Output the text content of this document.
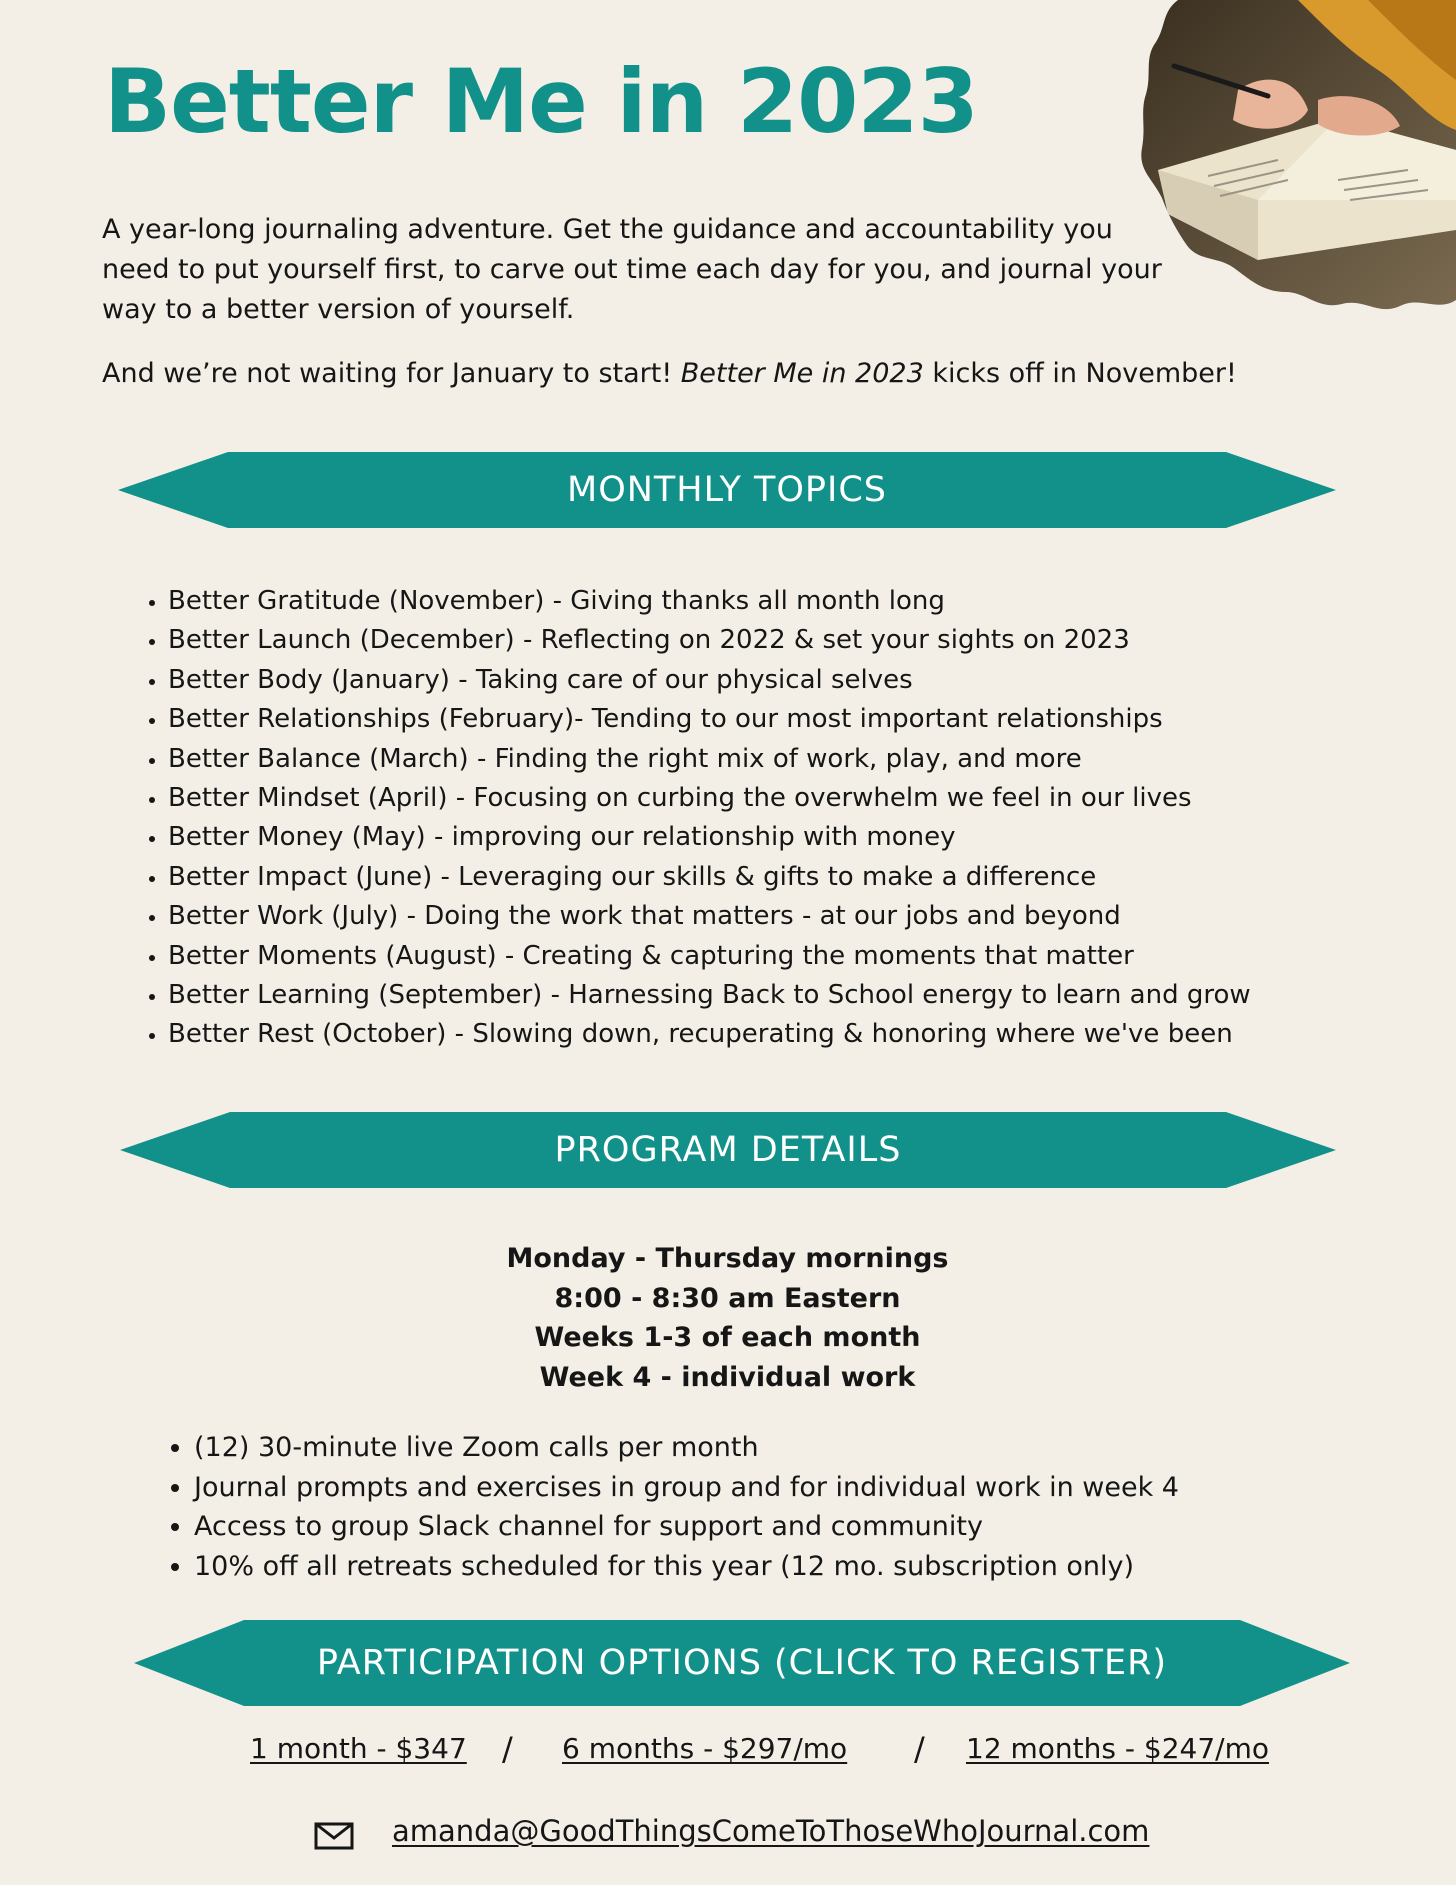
Better Me in 2023

A year-long journaling adventure. Get the guidance and accountability you need to put yourself first, to carve out time each day for you, and journal your way to a better version of yourself.

And we’re not waiting for January to start! Better Me in 2023 kicks off in November!

MONTHLY TOPICS
• Better Gratitude (November) - Giving thanks all month long
• Better Launch (December) - Reflecting on 2022 & set your sights on 2023
• Better Body (January) - Taking care of our physical selves
• Better Relationships (February)- Tending to our most important relationships
• Better Balance (March) - Finding the right mix of work, play, and more
• Better Mindset (April) - Focusing on curbing the overwhelm we feel in our lives
• Better Money (May) - improving our relationship with money
• Better Impact (June) - Leveraging our skills & gifts to make a difference
• Better Work (July) - Doing the work that matters - at our jobs and beyond
• Better Moments (August) - Creating & capturing the moments that matter
• Better Learning (September) - Harnessing Back to School energy to learn and grow
• Better Rest (October) - Slowing down, recuperating & honoring where we've been
PROGRAM DETAILS
Monday - Thursday mornings
8:00 - 8:30 am Eastern
Weeks 1-3 of each month
Week 4 - individual work
• (12) 30-minute live Zoom calls per month
• Journal prompts and exercises in group and for individual work in week 4
• Access to group Slack channel for support and community
• 10% off all retreats scheduled for this year (12 mo. subscription only)
PARTICIPATION OPTIONS (CLICK TO REGISTER)
1 month - $347 / 6 months - $297/mo / 12 months - $247/mo
amanda@GoodThingsComeToThoseWhoJournal.com
